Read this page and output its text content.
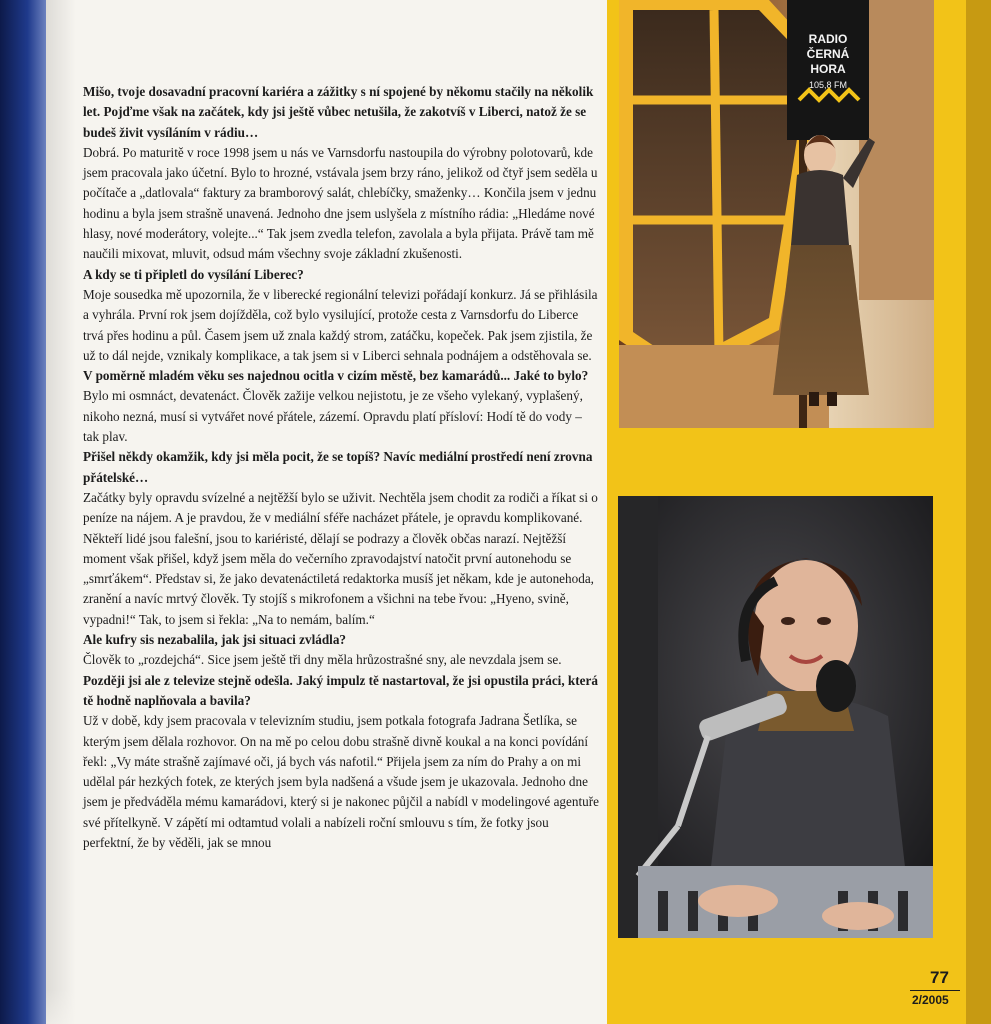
Mišo, tvoje dosavadní pracovní kariéra a zážitky s ní spojené by někomu stačily na několik let. Pojďme však na začátek, kdy jsi ještě vůbec netušila, že zakotvíš v Liberci, natož že se budeš živit vysíláním v rádiu…

Dobrá. Po maturitě v roce 1998 jsem u nás ve Varnsdorfu nastoupila do výrobny polotovarů, kde jsem pracovala jako účetní. Bylo to hrozné, vstávala jsem brzy ráno, jelikož od čtyř jsem seděla u počítače a „datlovala“ faktury za bramborový salát, chlebíčky, smaženky… Končila jsem v jednu hodinu a byla jsem strašně unavená. Jednoho dne jsem uslyšela z místního rádia: „Hledáme nové hlasy, nové moderátory, volejte...“ Tak jsem zvedla telefon, zavolala a byla přijata. Právě tam mě naučili mixovat, mluvit, odsud mám všechny svoje základní zkušenosti.

A kdy se ti připletl do vysílání Liberec?

Moje sousedka mě upozornila, že v liberecké regionální televizi pořádají konkurz. Já se přihlásila a vyhrála. První rok jsem dojížděla, což bylo vysilující, protože cesta z Varnsdorfu do Liberce trvá přes hodinu a půl. Časem jsem už znala každý strom, zatáčku, kopeček. Pak jsem zjistila, že už to dál nejde, vznikaly komplikace, a tak jsem si v Liberci sehnala podnájem a odstěhovala se.

V poměrně mladém věku ses najednou ocitla v cizím městě, bez kamarádů... Jaké to bylo?

Bylo mi osmnáct, devatenáct. Člověk zažije velkou nejistotu, je ze všeho vylekaný, vyplašený, nikoho nezná, musí si vytvářet nové přátele, zázemí. Opravdu platí přísloví: Hodí tě do vody – tak plav.

Přišel někdy okamžik, kdy jsi měla pocit, že se topíš? Navíc mediální prostředí není zrovna přátelské…

Začátky byly opravdu svízelné a nejtěžší bylo se uživit. Nechtěla jsem chodit za rodiči a říkat si o peníze na nájem. A je pravdou, že v mediální sféře nacházet přátele, je opravdu komplikované. Někteří lidé jsou falešní, jsou to kariéristé, dělají se podrazy a člověk občas narazí. Nejtěžší moment však přišel, když jsem měla do večerního zpravodajství natočit první autonehodu se „smrťákem“. Představ si, že jako devatenáctiletá redaktorka musíš jet někam, kde je autonehoda, zranění a navíc mrtvý člověk. Ty stojíš s mikrofonem a všichni na tebe řvou: „Hyeno, svině, vypadni!“ Tak, to jsem si řekla: „Na to nemám, balím.“

Ale kufry sis nezabalila, jak jsi situaci zvládla?

Člověk to „rozdejchá“. Sice jsem ještě tři dny měla hrůzostrašné sny, ale nevzdala jsem se.

Později jsi ale z televize stejně odešla. Jaký impulz tě nastartoval, že jsi opustila práci, která tě hodně naplňovala a bavila?

Už v době, kdy jsem pracovala v televizním studiu, jsem potkala fotografa Jadrana Šetlíka, se kterým jsem dělala rozhovor. On na mě po celou dobu strašně divně koukal a na konci povídání řekl: „Vy máte strašně zajímavé oči, já bych vás nafotil.“ Přijela jsem za ním do Prahy a on mi udělal pár hezkých fotek, ze kterých jsem byla nadšená a všude jsem je ukazovala. Jednoho dne jsem je předváděla mému kamarádovi, který si je nakonec půjčil a nabídl v modelingové agentuře své přítelkyně. V zápětí mi odtamtud volali a nabízeli roční smlouvu s tím, že fotky jsou perfektní, že by věděli, jak se mnou

RADIO
ČERNÁ
HORA
105,8 FM
77
2/2005
